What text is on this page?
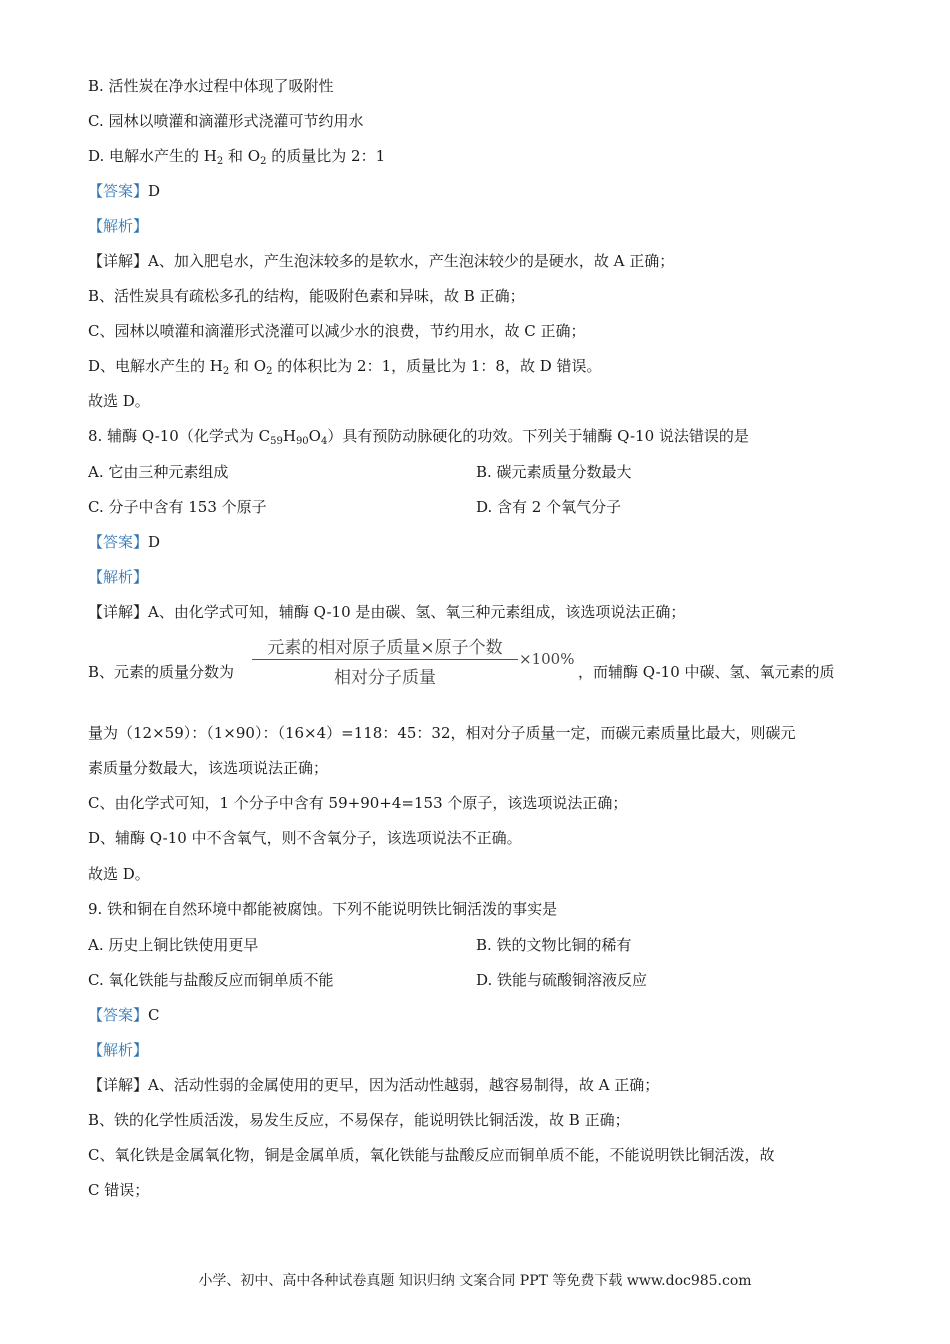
B. 活性炭在净水过程中体现了吸附性
C. 园林以喷灌和滴灌形式浇灌可节约用水
D. 电解水产生的 $H_2$ 和 $O_2$ 的质量比为 2：1
【答案】D
【解析】
【详解】A、加入肥皂水，产生泡沫较多的是软水，产生泡沫较少的是硬水，故 A 正确；
B、活性炭具有疏松多孔的结构，能吸附色素和异味，故 B 正确；
C、园林以喷灌和滴灌形式浇灌可以减少水的浪费，节约用水，故 C 正确；
D、电解水产生的 $H_2$ 和 $O_2$ 的体积比为 2：1，质量比为 1：8，故 D 错误。
故选 D。
8. 辅酶 Q-10（化学式为 $C_{59}H_{90}O_4$）具有预防动脉硬化的功效。下列关于辅酶 Q-10 说法错误的是
A. 它由三种元素组成	B. 碳元素质量分数最大
C. 分子中含有 153 个原子	D. 含有 2 个氧气分子
【答案】D
【解析】
【详解】A、由化学式可知，辅酶 Q-10 是由碳、氢、氧三种元素组成，该选项说法正确；
B、元素的质量分数为
元素的相对原子质量×原子个数
相对分子质量
×100%
，而辅酶 Q-10 中碳、氢、氧元素的质
量为（12×59）：（1×90）：（16×4）=118：45：32，相对分子质量一定，而碳元素质量比最大，则碳元
素质量分数最大，该选项说法正确；
C、由化学式可知，1 个分子中含有 59+90+4=153 个原子，该选项说法正确；
D、辅酶 Q-10 中不含氧气，则不含氧分子，该选项说法不正确。
故选 D。
9. 铁和铜在自然环境中都能被腐蚀。下列不能说明铁比铜活泼的事实是
A. 历史上铜比铁使用更早	B. 铁的文物比铜的稀有
C. 氧化铁能与盐酸反应而铜单质不能	D. 铁能与硫酸铜溶液反应
【答案】C
【解析】
【详解】A、活动性弱的金属使用的更早，因为活动性越弱，越容易制得，故 A 正确；
B、铁的化学性质活泼，易发生反应，不易保存，能说明铁比铜活泼，故 B 正确；
C、氧化铁是金属氧化物，铜是金属单质，氧化铁能与盐酸反应而铜单质不能，不能说明铁比铜活泼，故
C 错误；
小学、初中、高中各种试卷真题 知识归纳 文案合同 PPT 等免费下载 www.doc985.com
